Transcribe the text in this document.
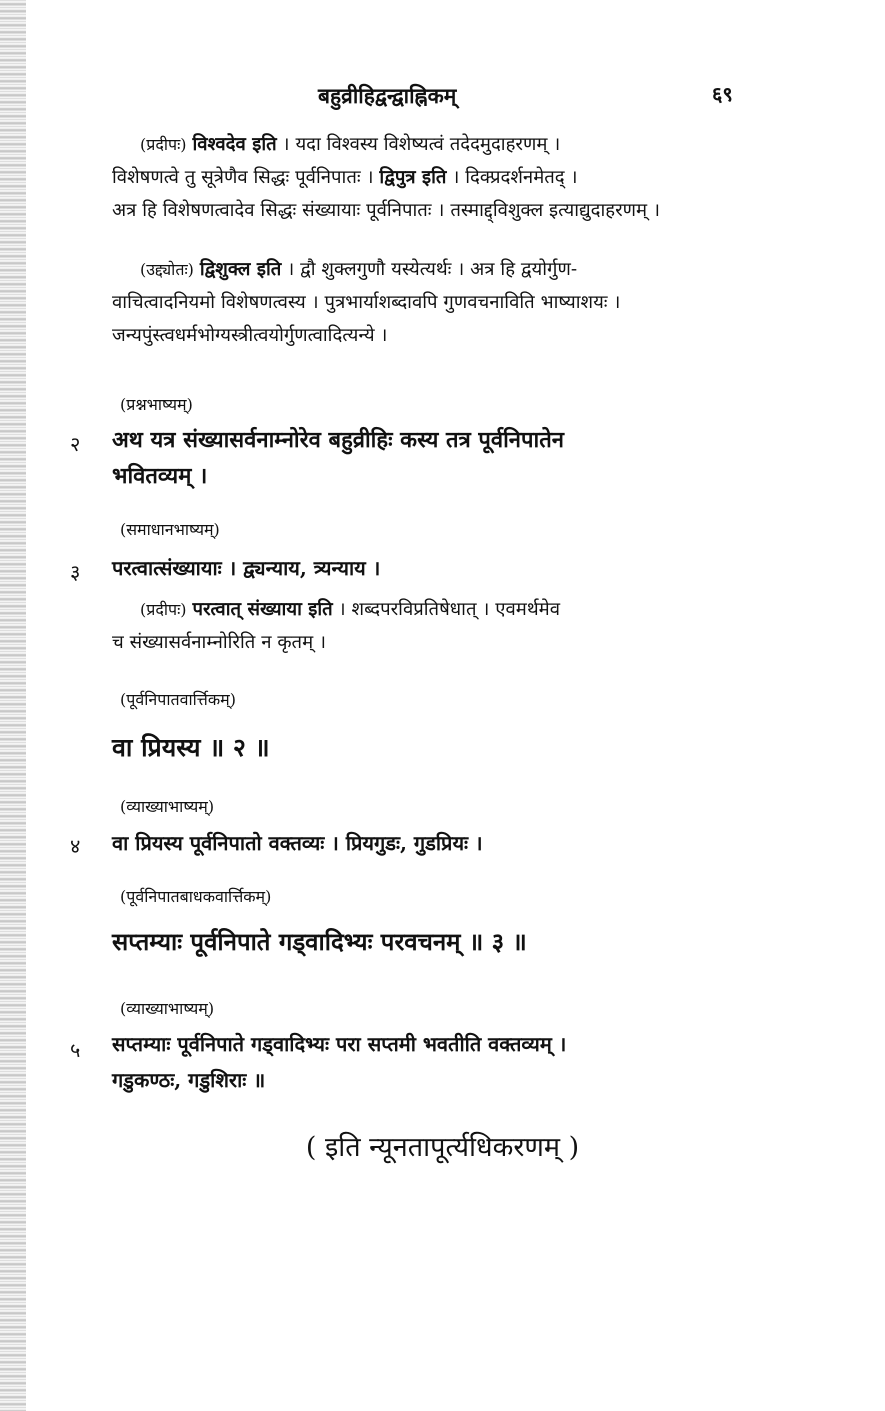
बहुव्रीहिद्वन्द्वाह्निकम्	६९
(प्रदीपः) विश्वदेव इति । यदा विश्वस्य विशेष्यत्वं तदेदमुदाहरणम् ।
विशेषणत्वे तु सूत्रेणैव सिद्धः पूर्वनिपातः । द्विपुत्र इति । दिक्प्रदर्शनमेतद् ।
अत्र हि विशेषणत्वादेव सिद्धः संख्यायाः पूर्वनिपातः । तस्माद्द्विशुक्ल इत्याद्युदाहरणम् ।
(उद्द्योतः) द्विशुक्ल इति । द्वौ शुक्लगुणौ यस्येत्यर्थः । अत्र हि द्वयोर्गुण-
वाचित्वादनियमो विशेषणत्वस्य । पुत्रभार्याशब्दावपि गुणवचनाविति भाष्याशयः ।
जन्यपुंस्त्वधर्मभोग्यस्त्रीत्वयोर्गुणत्वादित्यन्ये ।
(प्रश्नभाष्यम्)
२ अथ यत्र संख्यासर्वनाम्नोरेव बहुव्रीहिः कस्य तत्र पूर्वनिपातेन
भवितव्यम् ।
(समाधानभाष्यम्)
३ परत्वात्संख्यायाः । द्व्यन्याय, त्र्यन्याय ।
(प्रदीपः) परत्वात् संख्याया इति । शब्दपरविप्रतिषेधात् । एवमर्थमेव
च संख्यासर्वनाम्नोरिति न कृतम् ।
(पूर्वनिपातवार्त्तिकम्)
वा प्रियस्य ॥ २ ॥
(व्याख्याभाष्यम्)
४ वा प्रियस्य पूर्वनिपातो वक्तव्यः । प्रियगुडः, गुडप्रियः ।
(पूर्वनिपातबाधकवार्त्तिकम्)
सप्तम्याः पूर्वनिपाते गड्वादिभ्यः परवचनम् ॥ ३ ॥
(व्याख्याभाष्यम्)
५ सप्तम्याः पूर्वनिपाते गड्वादिभ्यः परा सप्तमी भवतीति वक्तव्यम् ।
गडुकण्ठः, गडुशिराः ॥
( इति न्यूनतापूर्त्यधिकरणम् )
